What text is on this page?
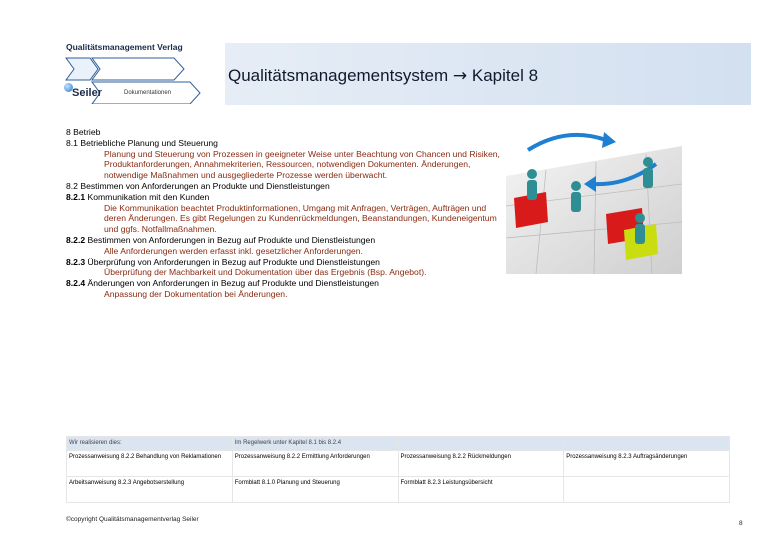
Qualitätsmanagement Verlag
Seiler	Dokumentationen
Qualitätsmanagementsystem → Kapitel 8
8 Betrieb
8.1 Betriebliche Planung und Steuerung
Planung und Steuerung von Prozessen in geeigneter Weise unter Beachtung von Chancen und Risiken, Produktanforderungen, Annahmekriterien, Ressourcen, notwendigen Dokumenten. Änderungen, notwendige Maßnahmen und ausgegliederte Prozesse werden überwacht.
8.2 Bestimmen von Anforderungen an Produkte und Dienstleistungen
8.2.1 Kommunikation mit den Kunden
Die Kommunikation beachtet Produktinformationen, Umgang mit Anfragen, Verträgen, Aufträgen und deren Änderungen. Es gibt Regelungen zu Kundenrückmeldungen, Beanstandungen, Kundeneigentum und ggfs. Notfallmaßnahmen.
8.2.2 Bestimmen von Anforderungen in Bezug auf Produkte und Dienstleistungen
Alle Anforderungen werden erfasst inkl. gesetzlicher Anforderungen.
8.2.3 Überprüfung von Anforderungen in Bezug auf Produkte und Dienstleistungen
Überprüfung der Machbarkeit und Dokumentation über das Ergebnis (Bsp. Angebot).
8.2.4 Änderungen von Anforderungen in Bezug auf Produkte und Dienstleistungen
Anpassung der Dokumentation bei Änderungen.
Wir realisieren dies:	Im Regelwerk unter Kapitel 8.1 bis 8.2.4		
Prozessanweisung 8.2.2 Behandlung von Reklamationen	Prozessanweisung 8.2.2 Ermittlung Anforderungen	Prozessanweisung 8.2.2 Rückmeldungen	Prozessanweisung 8.2.3 Auftragsänderungen
Arbeitsanweisung 8.2.3 Angebotserstellung	Formblatt 8.1.0 Planung und Steuerung	Formblatt 8.2.3 Leistungsübersicht	
©copyright Qualitätsmanagementverlag Seiler
8
